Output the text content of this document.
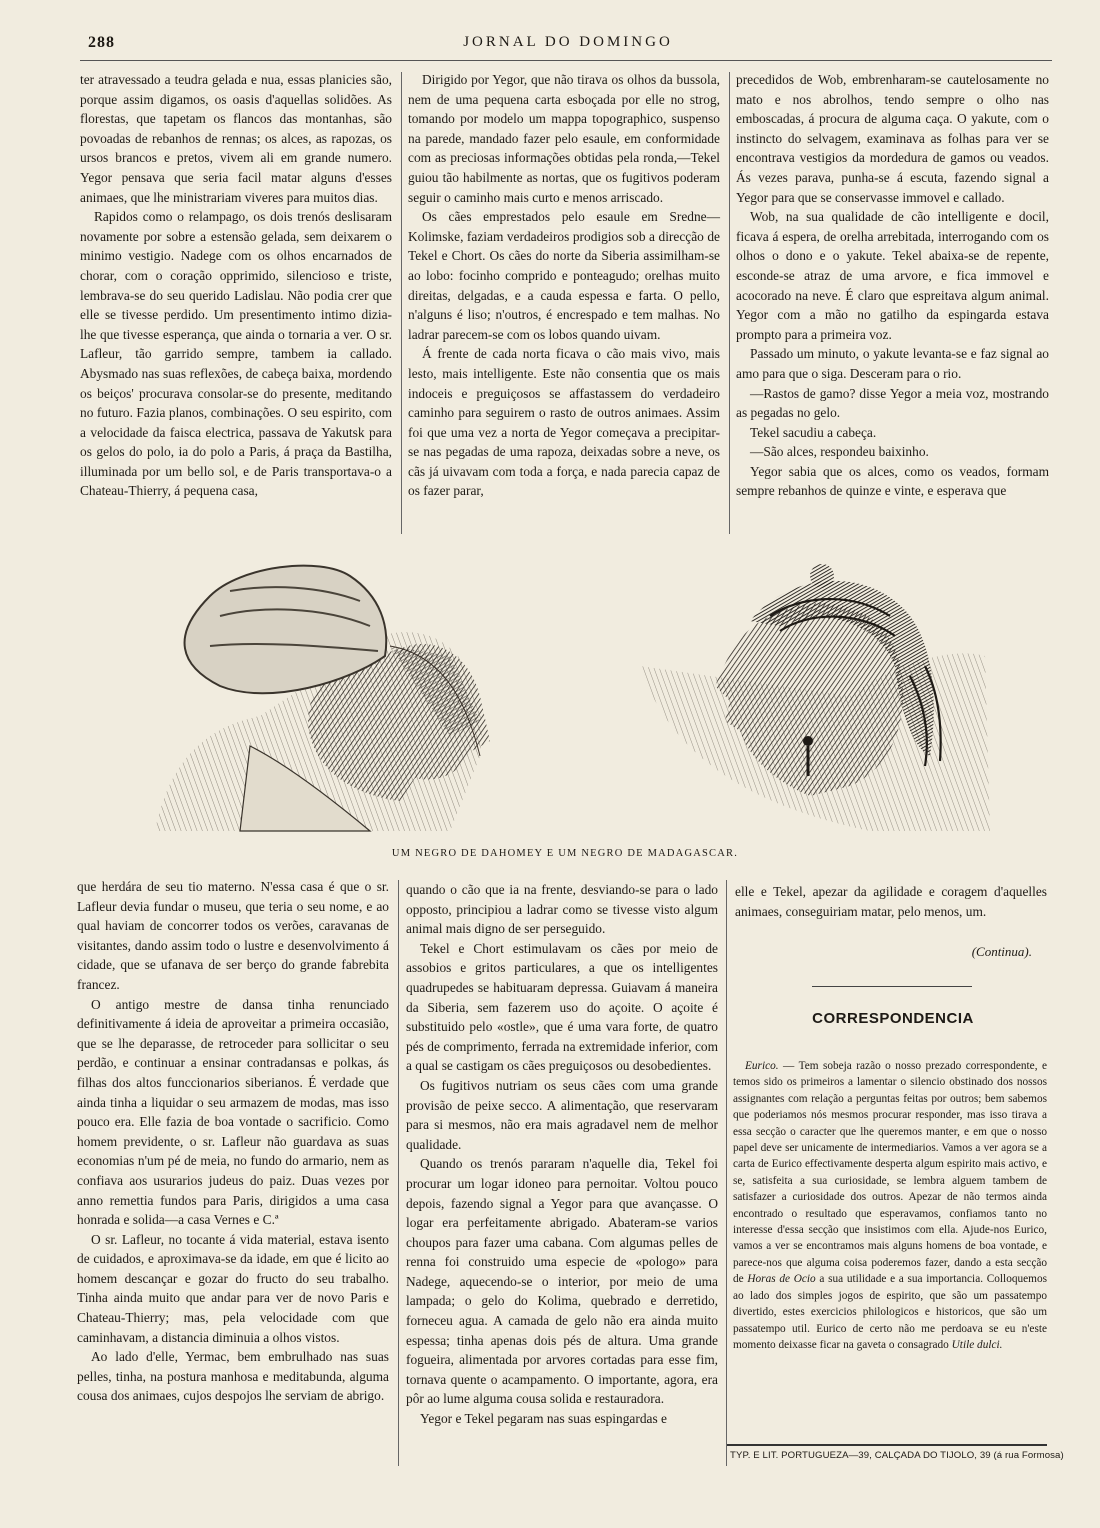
288	JORNAL DO DOMINGO

ter atravessado a teudra gelada e nua, essas planicies são, porque assim digamos, os oasis d'aquellas solidões. As florestas, que tapetam os flancos das montanhas, são povoadas de rebanhos de rennas; os alces, as rapozas, os ursos brancos e pretos, vivem ali em grande numero. Yegor pensava que seria facil matar alguns d'esses animaes, que lhe ministrariam viveres para muitos dias.

Rapidos como o relampago, os dois trenós deslisaram novamente por sobre a estensão gelada, sem deixarem o minimo vestigio. Nadege com os olhos encarnados de chorar, com o coração opprimido, silencioso e triste, lembrava-se do seu querido Ladislau. Não podia crer que elle se tivesse perdido. Um presentimento intimo dizia-lhe que tivesse esperança, que ainda o tornaria a ver. O sr. Lafleur, tão garrido sempre, tambem ia callado. Abysmado nas suas reflexões, de cabeça baixa, mordendo os beiços' procurava consolar-se do presente, meditando no futuro. Fazia planos, combinações. O seu espirito, com a velocidade da faisca electrica, passava de Yakutsk para os gelos do polo, ia do polo a Paris, á praça da Bastilha, illuminada por um bello sol, e de Paris transportava-o a Chateau-Thierry, á pequena casa,

Dirigido por Yegor, que não tirava os olhos da bussola, nem de uma pequena carta esboçada por elle no strog, tomando por modelo um mappa topographico, suspenso na parede, mandado fazer pelo esaule, em conformidade com as preciosas informações obtidas pela ronda,—Tekel guiou tão habilmente as nortas, que os fugitivos poderam seguir o caminho mais curto e menos arriscado.

Os cães emprestados pelo esaule em Sredne—Kolimske, faziam verdadeiros prodigios sob a direcção de Tekel e Chort. Os cães do norte da Siberia assimilham-se ao lobo: focinho comprido e ponteagudo; orelhas muito direitas, delgadas, e a cauda espessa e farta. O pello, n'alguns é liso; n'outros, é encrespado e tem malhas. No ladrar parecem-se com os lobos quando uivam.

Á frente de cada norta ficava o cão mais vivo, mais lesto, mais intelligente. Este não consentia que os mais indoceis e preguiçosos se affastassem do verdadeiro caminho para seguirem o rasto de outros animaes. Assim foi que uma vez a norta de Yegor começava a precipitar-se nas pegadas de uma rapoza, deixadas sobre a neve, os cãs já uivavam com toda a força, e nada parecia capaz de os fazer parar,

precedidos de Wob, embrenharam-se cautelosamente no mato e nos abrolhos, tendo sempre o olho nas emboscadas, á procura de alguma caça. O yakute, com o instincto do selvagem, examinava as folhas para ver se encontrava vestigios da mordedura de gamos ou veados. Ás vezes parava, punha-se á escuta, fazendo signal a Yegor para que se conservasse immovel e callado.

Wob, na sua qualidade de cão intelligente e docil, ficava á espera, de orelha arrebitada, interrogando com os olhos o dono e o yakute. Tekel abaixa-se de repente, esconde-se atraz de uma arvore, e fica immovel e acocorado na neve. É claro que espreitava algum animal. Yegor com a mão no gatilho da espingarda estava prompto para a primeira voz.

Passado um minuto, o yakute levanta-se e faz signal ao amo para que o siga. Desceram para o rio.

—Rastos de gamo? disse Yegor a meia voz, mostrando as pegadas no gelo.

Tekel sacudiu a cabeça.

—São alces, respondeu baixinho.

Yegor sabia que os alces, como os veados, formam sempre rebanhos de quinze e vinte, e esperava que

UM NEGRO DE DAHOMEY E UM NEGRO DE MADAGASCAR.

que herdára de seu tio materno. N'essa casa é que o sr. Lafleur devia fundar o museu, que teria o seu nome, e ao qual haviam de concorrer todos os verões, caravanas de visitantes, dando assim todo o lustre e desenvolvimento á cidade, que se ufanava de ser berço do grande fabrebita francez.

O antigo mestre de dansa tinha renunciado definitivamente á ideia de aproveitar a primeira occasião, que se lhe deparasse, de retroceder para sollicitar o seu perdão, e continuar a ensinar contradansas e polkas, ás filhas dos altos funccionarios siberianos. É verdade que ainda tinha a liquidar o seu armazem de modas, mas isso pouco era. Elle fazia de boa vontade o sacrificio. Como homem previdente, o sr. Lafleur não guardava as suas economias n'um pé de meia, no fundo do armario, nem as confiava aos usurarios judeus do paiz. Duas vezes por anno remettia fundos para Paris, dirigidos a uma casa honrada e solida—a casa Vernes e C.ª

O sr. Lafleur, no tocante á vida material, estava isento de cuidados, e aproximava-se da idade, em que é licito ao homem descançar e gozar do fructo do seu trabalho. Tinha ainda muito que andar para ver de novo Paris e Chateau-Thierry; mas, pela velocidade com que caminhavam, a distancia diminuia a olhos vistos.

Ao lado d'elle, Yermac, bem embrulhado nas suas pelles, tinha, na postura manhosa e meditabunda, alguma cousa dos animaes, cujos despojos lhe serviam de abrigo.

quando o cão que ia na frente, desviando-se para o lado opposto, principiou a ladrar como se tivesse visto algum animal mais digno de ser perseguido.

Tekel e Chort estimulavam os cães por meio de assobios e gritos particulares, a que os intelligentes quadrupedes se habituaram depressa. Guiavam á maneira da Siberia, sem fazerem uso do açoite. O açoite é substituido pelo «ostle», que é uma vara forte, de quatro pés de comprimento, ferrada na extremidade inferior, com a qual se castigam os cães preguiçosos ou desobedientes.

Os fugitivos nutriam os seus cães com uma grande provisão de peixe secco. A alimentação, que reservaram para si mesmos, não era mais agradavel nem de melhor qualidade.

Quando os trenós pararam n'aquelle dia, Tekel foi procurar um logar idoneo para pernoitar. Voltou pouco depois, fazendo signal a Yegor para que avançasse. O logar era perfeitamente abrigado. Abateram-se varios choupos para fazer uma cabana. Com algumas pelles de renna foi construido uma especie de «pologo» para Nadege, aquecendo-se o interior, por meio de uma lampada; o gelo do Kolima, quebrado e derretido, forneceu agua. A camada de gelo não era ainda muito espessa; tinha apenas dois pés de altura. Uma grande fogueira, alimentada por arvores cortadas para esse fim, tornava quente o acampamento. O importante, agora, era pôr ao lume alguma cousa solida e restauradora.

Yegor e Tekel pegaram nas suas espingardas e

elle e Tekel, apezar da agilidade e coragem d'aquelles animaes, conseguiriam matar, pelo menos, um.

(Continua).
CORRESPONDENCIA

Eurico. — Tem sobeja razão o nosso prezado correspondente, e temos sido os primeiros a lamentar o silencio obstinado dos nossos assignantes com relação a perguntas feitas por outros; bem sabemos que poderiamos nós mesmos procurar responder, mas isso tirava a essa secção o caracter que lhe queremos manter, e em que o nosso papel deve ser unicamente de intermediarios. Vamos a ver agora se a carta de Eurico effectivamente desperta algum espirito mais activo, e se, satisfeita a sua curiosidade, se lembra alguem tambem de satisfazer a curiosidade dos outros. Apezar de não termos ainda encontrado o resultado que esperavamos, confiamos tanto no interesse d'essa secção que insistimos com ella. Ajude-nos Eurico, vamos a ver se encontramos mais alguns homens de boa vontade, e parece-nos que alguma coisa poderemos fazer, dando a esta secção de Horas de Ocio a sua utilidade e a sua importancia. Colloquemos ao lado dos simples jogos de espirito, que são um passatempo divertido, estes exercicios philologicos e historicos, que são um passatempo util. Eurico de certo não me perdoava se eu n'este momento deixasse ficar na gaveta o consagrado Utile dulci.

TYP. E LIT. PORTUGUEZA—39, CALÇADA DO TIJOLO, 39 (á rua Formosa)
